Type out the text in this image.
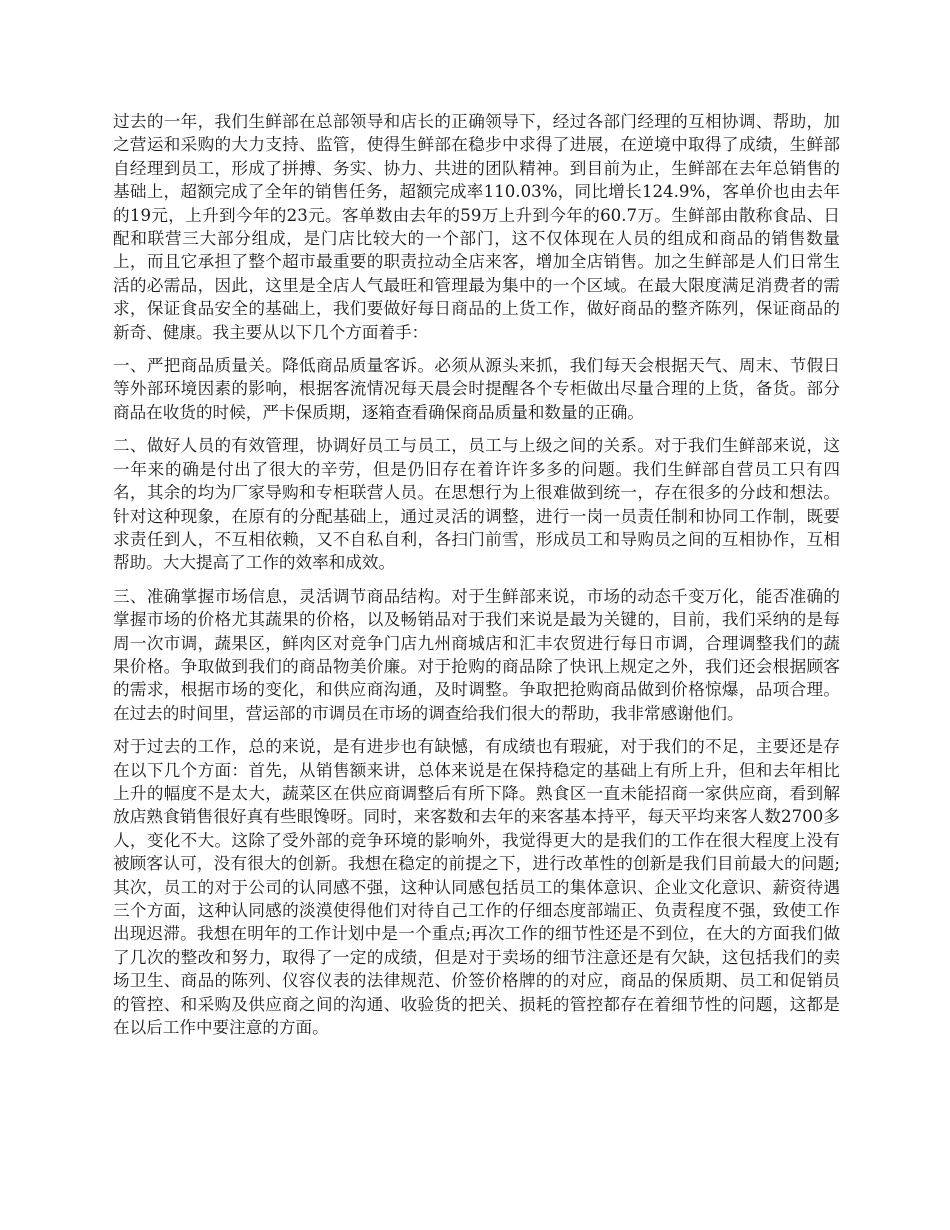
过去的一年，我们生鲜部在总部领导和店长的正确领导下，经过各部门经理的互相协调、帮助，加之营运和采购的大力支持、监管，使得生鲜部在稳步中求得了进展，在逆境中取得了成绩，生鲜部自经理到员工，形成了拼搏、务实、协力、共进的团队精神。到目前为止，生鲜部在去年总销售的基础上，超额完成了全年的销售任务，超额完成率110.03%，同比增长124.9%，客单价也由去年的19元，上升到今年的23元。客单数由去年的59万上升到今年的60.7万。生鲜部由散称食品、日配和联营三大部分组成，是门店比较大的一个部门，这不仅体现在人员的组成和商品的销售数量上，而且它承担了整个超市最重要的职责拉动全店来客，增加全店销售。加之生鲜部是人们日常生活的必需品，因此，这里是全店人气最旺和管理最为集中的一个区域。在最大限度满足消费者的需求，保证食品安全的基础上，我们要做好每日商品的上货工作，做好商品的整齐陈列，保证商品的新奇、健康。我主要从以下几个方面着手：

一、严把商品质量关。降低商品质量客诉。必须从源头来抓，我们每天会根据天气、周末、节假日等外部环境因素的影响，根据客流情况每天晨会时提醒各个专柜做出尽量合理的上货，备货。部分商品在收货的时候，严卡保质期，逐箱查看确保商品质量和数量的正确。

二、做好人员的有效管理，协调好员工与员工，员工与上级之间的关系。对于我们生鲜部来说，这一年来的确是付出了很大的辛劳，但是仍旧存在着许许多多的问题。我们生鲜部自营员工只有四名，其余的均为厂家导购和专柜联营人员。在思想行为上很难做到统一，存在很多的分歧和想法。针对这种现象，在原有的分配基础上，通过灵活的调整，进行一岗一员责任制和协同工作制，既要求责任到人，不互相依赖，又不自私自利，各扫门前雪，形成员工和导购员之间的互相协作，互相帮助。大大提高了工作的效率和成效。

三、准确掌握市场信息，灵活调节商品结构。对于生鲜部来说，市场的动态千变万化，能否准确的掌握市场的价格尤其蔬果的价格，以及畅销品对于我们来说是最为关键的，目前，我们采纳的是每周一次市调，蔬果区，鲜肉区对竞争门店九州商城店和汇丰农贸进行每日市调，合理调整我们的蔬果价格。争取做到我们的商品物美价廉。对于抢购的商品除了快讯上规定之外，我们还会根据顾客的需求，根据市场的变化，和供应商沟通，及时调整。争取把抢购商品做到价格惊爆，品项合理。在过去的时间里，营运部的市调员在市场的调查给我们很大的帮助，我非常感谢他们。

对于过去的工作，总的来说，是有进步也有缺憾，有成绩也有瑕疵，对于我们的不足，主要还是存在以下几个方面：首先，从销售额来讲，总体来说是在保持稳定的基础上有所上升，但和去年相比上升的幅度不是太大，蔬菜区在供应商调整后有所下降。熟食区一直未能招商一家供应商，看到解放店熟食销售很好真有些眼馋呀。同时，来客数和去年的来客基本持平，每天平均来客人数2700多人，变化不大。这除了受外部的竞争环境的影响外，我觉得更大的是我们的工作在很大程度上没有被顾客认可，没有很大的创新。我想在稳定的前提之下，进行改革性的创新是我们目前最大的问题;其次，员工的对于公司的认同感不强，这种认同感包括员工的集体意识、企业文化意识、薪资待遇三个方面，这种认同感的淡漠使得他们对待自己工作的仔细态度部端正、负责程度不强，致使工作出现迟滞。我想在明年的工作计划中是一个重点;再次工作的细节性还是不到位，在大的方面我们做了几次的整改和努力，取得了一定的成绩，但是对于卖场的细节注意还是有欠缺，这包括我们的卖场卫生、商品的陈列、仪容仪表的法律规范、价签价格牌的的对应，商品的保质期、员工和促销员的管控、和采购及供应商之间的沟通、收验货的把关、损耗的管控都存在着细节性的问题，这都是在以后工作中要注意的方面。
